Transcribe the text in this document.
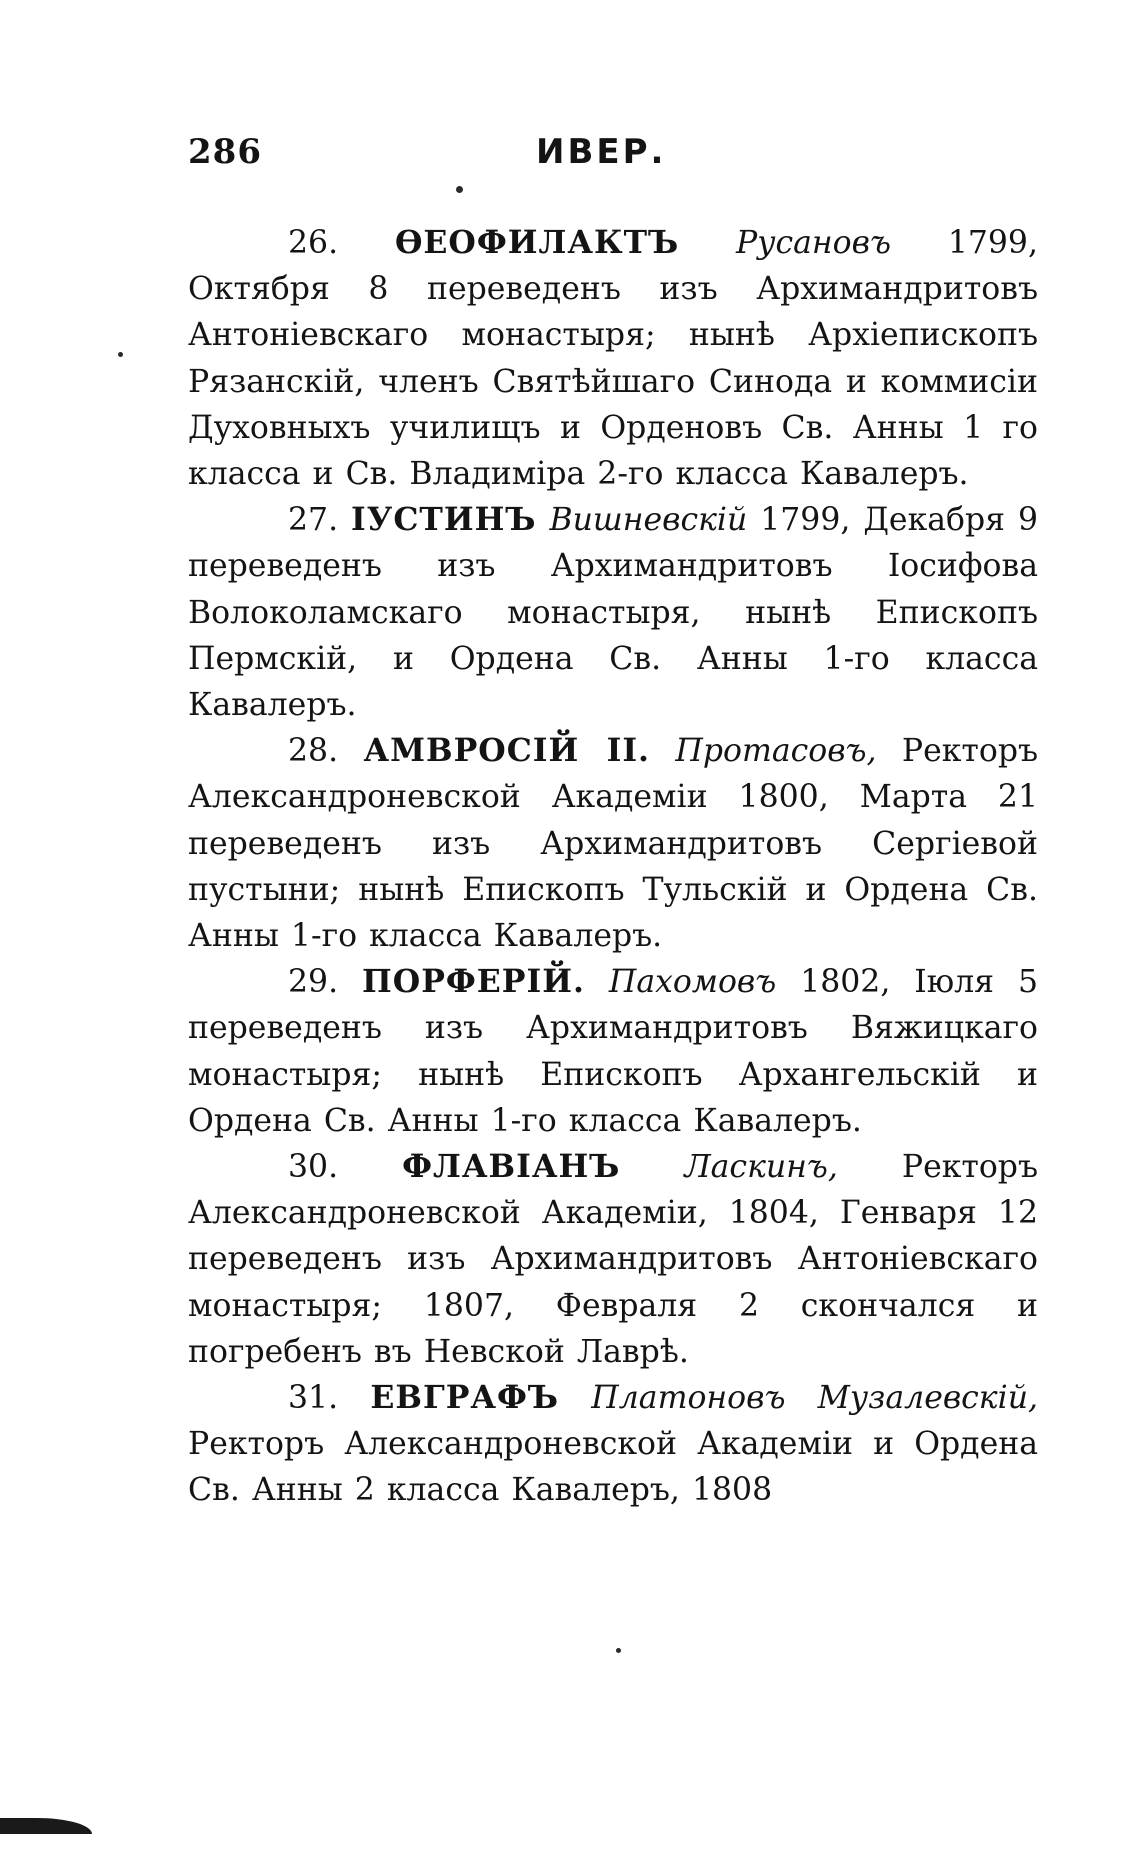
286	ИВЕР.

26. ѲЕОФИЛАКТЪ Русановъ 1799, Октября 8 переведенъ изъ Архимандритовъ Антоніевскаго монастыря; нынѣ Архіепископъ Рязанскій, членъ Святѣйшаго Синода и коммисіи Духовныхъ училищъ и Орденовъ Св. Анны 1 го класса и Св. Владиміра 2-го класса Кавалеръ.

27. ІУСТИНЪ Вишневскій 1799, Декабря 9 переведенъ изъ Архимандритовъ Іосифова Волоколамскаго монастыря, нынѣ Епископъ Пермскій, и Ордена Св. Анны 1-го класса Кавалеръ.

28. АМВРОСІЙ II. Протасовъ, Ректоръ Александроневской Академіи 1800, Марта 21 переведенъ изъ Архимандритовъ Сергіевой пустыни; нынѣ Епископъ Тульскій и Ордена Св. Анны 1-го класса Кавалеръ.

29. ПОРФЕРІЙ. Пахомовъ 1802, Іюля 5 переведенъ изъ Архимандритовъ Вяжицкаго монастыря; нынѣ Епископъ Архангельскій и Ордена Св. Анны 1-го класса Кавалеръ.

30. ФЛАВІАНЪ Ласкинъ, Ректоръ Александроневской Академіи, 1804, Генваря 12 переведенъ изъ Архимандритовъ Антоніевскаго монастыря; 1807, Февраля 2 скончался и погребенъ въ Невской Лаврѣ.

31. ЕВГРАФЪ Платоновъ Музалевскій, Ректоръ Александроневской Академіи и Ордена Св. Анны 2 класса Кавалеръ, 1808
